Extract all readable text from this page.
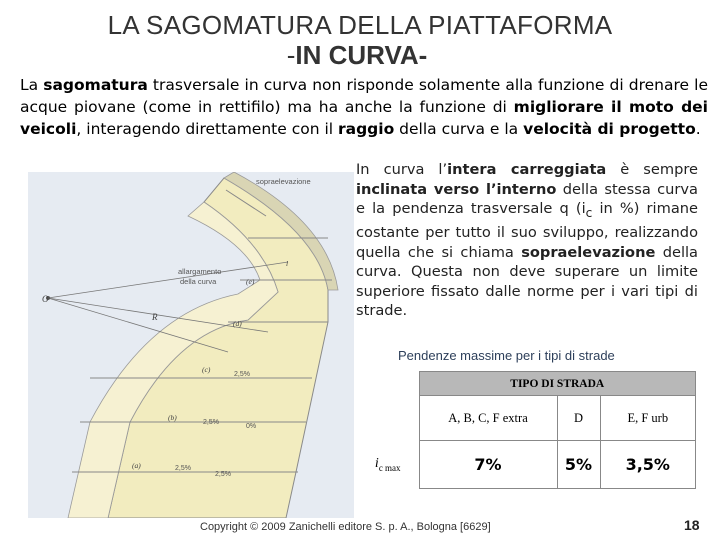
LA SAGOMATURA DELLA PIATTAFORMA
-IN CURVA-

La sagomatura trasversale in curva non risponde solamente alla funzione di drenare le acque piovane (come in rettifilo) ma ha anche la funzione di migliorare il moto dei veicoli, interagendo direttamente con il raggio della curva e la velocità di progetto.

sopraelevazione
allargamento
della curva
O
R
(e)
(d)
(c)
(b)
(a)
l
2,5%
2,5%
0%
2,5%
2,5%

In curva l’intera carreggiata è sempre inclinata verso l’interno della stessa curva e la pendenza trasversale q ($i_c$ in %) rimane costante per tutto il suo sviluppo, realizzando quella che si chiama sopraelevazione della curva. Questa non deve superare un limite superiore fissato dalle norme per i vari tipi di strade.

Pendenze massime per i tipi di strade
	TIPO DI STRADA		
	A, B, C, F extra	D	E, F urb
$i_{c max}$	7%	5%	3,5%
Copyright © 2009 Zanichelli editore S. p. A., Bologna [6629]	18
